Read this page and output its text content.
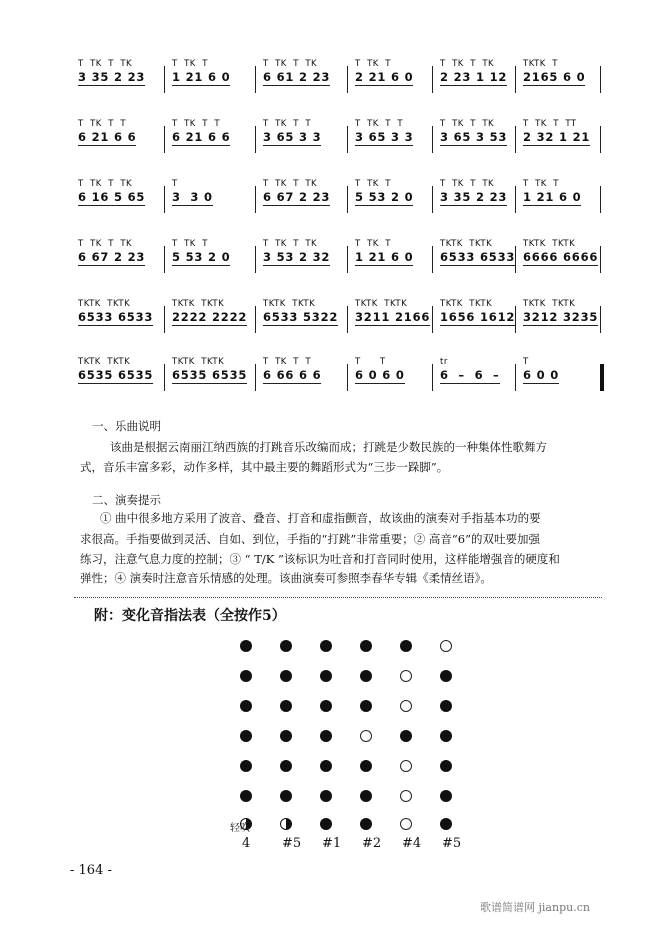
T  TK  T  TK
3 35 2 23
T  TK  T
1 21 6 0
T  TK  T  TK
6 61 2 23
T  TK  T
2 21 6 0
T  TK  T  TK
2 23 1 12
TKTK  T
2165 6 0
T  TK  T  T
6 21 6 6
T  TK  T  T
6 21 6 6
T  TK  T  T
3 65 3 3
T  TK  T  T
3 65 3 3
T  TK  T  TK
3 65 3 53
T  TK  T  TT
2 32 1 21
T  TK  T  TK
6 16 5 65
T
3  3 0
T  TK  T  TK
6 67 2 23
T  TK  T
5 53 2 0
T  TK  T  TK
3 35 2 23
T  TK  T
1 21 6 0
T  TK  T  TK
6 67 2 23
T  TK  T
5 53 2 0
T  TK  T  TK
3 53 2 32
T  TK  T
1 21 6 0
TKTK  TKTK
6533 6533
TKTK  TKTK
6666 6666
TKTK  TKTK
6533 6533
TKTK  TKTK
2222 2222
TKTK  TKTK
6533 5322
TKTK  TKTK
3211 2166
TKTK  TKTK
1656 1612
TKTK  TKTK
3212 3235
TKTK  TKTK
6535 6535
TKTK  TKTK
6535 6535
T  TK  T  T
6 66 6 6
T      T
6 0 6 0
tr
6  –  6  –
T
6 0 0
一、乐曲说明
该曲是根据云南丽江纳西族的打跳音乐改编而成；打跳是少数民族的一种集体性歌舞方
式，音乐丰富多彩，动作多样，其中最主要的舞蹈形式为“三步一跺脚”。
二、演奏提示
① 曲中很多地方采用了波音、叠音、打音和虚指颤音，故该曲的演奏对手指基本功的要
求很高。手指要做到灵活、自如、到位，手指的“打跳”非常重要；② 高音“6”的双吐要加强
练习，注意气息力度的控制；③ “ T/K ”该标识为吐音和打音同时使用，这样能增强音的硬度和
弹性；④ 演奏时注意音乐情感的处理。该曲演奏可参照李春华专辑《柔情丝语》。
附：变化音指法表（全按作5）
4 #5 #1 #2 #4 #5
轻吹
- 164 -
歌谱简谱网 jianpu.cn
